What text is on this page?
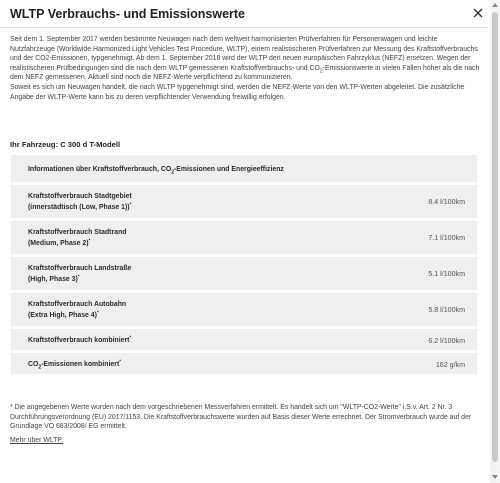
WLTP Verbrauchs- und Emissionswerte

Seit dem 1. September 2017 werden bestimmte Neuwagen nach dem weltweit harmonisierten Prüfverfahren für Personenwagen und leichte Nutzfahrzeuge (Worldwide Harmonized Light Vehicles Test Procedure, WLTP), einem realistischeren Prüfverfahren zur Messung des Kraftstoffverbrauchs und der CO2-Emissionen, typgenehmigt. Ab dem 1. September 2018 wird der WLTP den neuen europäischen Fahrzyklus (NEFZ) ersetzen. Wegen der realistischeren Prüfbedingungen sind die nach dem WLTP gemessenen Kraftstoffverbrauchs- und $CO_2$-Emissionswerte in vielen Fällen höher als die nach dem NEFZ gemessenen. Aktuell sind noch die NEFZ-Werte verpflichtend zu kommunizieren.

Soweit es sich um Neuwagen handelt, die nach WLTP typgenehmigt sind, werden die NEFZ-Werte von den WLTP-Werten abgeleitet. Die zusätzliche Angabe der WLTP-Werte kann bis zu deren verpflichtender Verwendung freiwillig erfolgen.

Ihr Fahrzeug: C 300 d T-Modell
Informationen über Kraftstoffverbrauch, $CO_2$-Emissionen und Energieeffizienz
Kraftstoffverbrauch Stadtgebiet
(innerstädtisch (Low, Phase 1))*	8.4 l/100km
Kraftstoffverbrauch Stadtrand
(Medium, Phase 2)*	7.1 l/100km
Kraftstoffverbrauch Landstraße
(High, Phase 3)*	5.1 l/100km
Kraftstoffverbrauch Autobahn
(Extra High, Phase 4)*	5.8 l/100km
Kraftstoffverbrauch kombiniert*	6.2 l/100km
$CO_2$-Emissionen kombiniert*	162 g/km
* Die angegebenen Werte wurden nach dem vorgeschriebenen Messverfahren ermittelt. Es handelt sich um "WLTP-CO2-Werte" i.S.v. Art. 2 Nr. 3 Durchführungsverordnung (EU) 2017/1153. Die Kraftstoffverbrauchswerte wurden auf Basis dieser Werte errechnet. Der Stromverbrauch wurde auf der Grundlage VO 683/2008/ EG ermittelt.
Mehr über WLTP.
